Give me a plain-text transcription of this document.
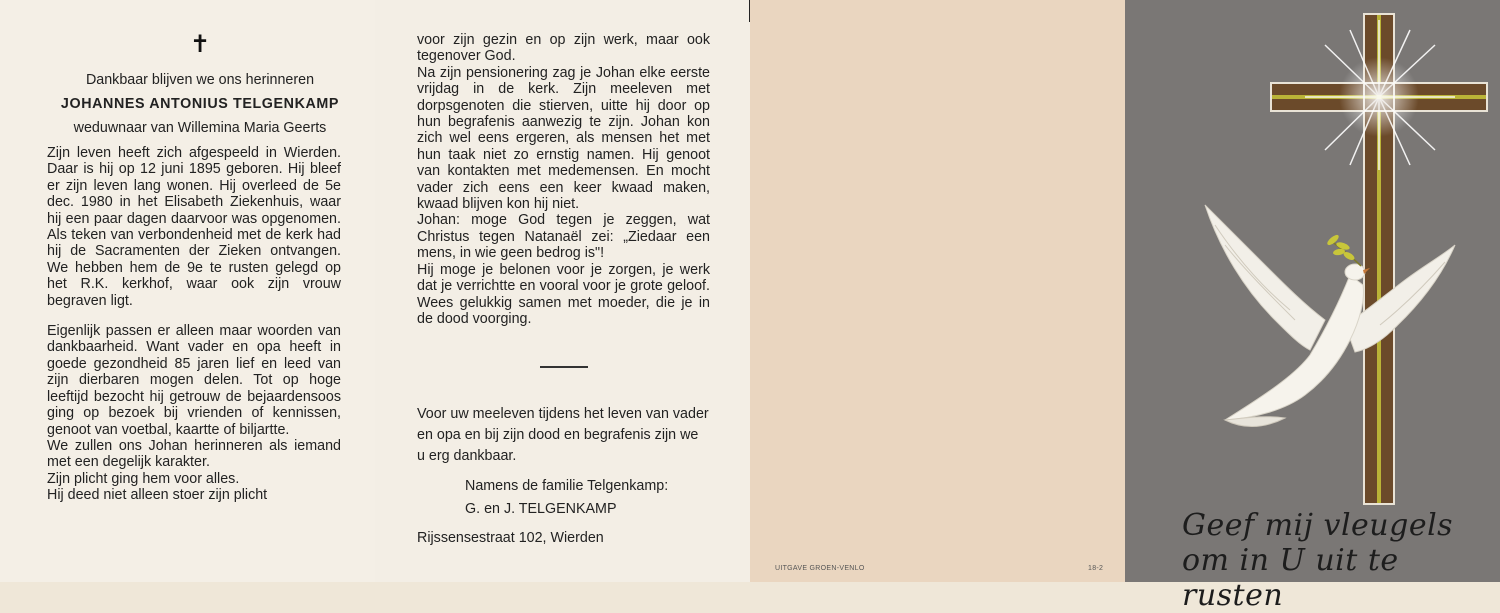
✝
Dankbaar blijven we ons herinneren
JOHANNES ANTONIUS TELGENKAMP
weduwnaar van Willemina Maria Geerts

Zijn leven heeft zich afgespeeld in Wierden. Daar is hij op 12 juni 1895 geboren. Hij bleef er zijn leven lang wonen. Hij overleed de 5e dec. 1980 in het Elisabeth Ziekenhuis, waar hij een paar dagen daarvoor was opgenomen. Als teken van verbondenheid met de kerk had hij de Sacramenten der Zieken ontvangen. We hebben hem de 9e te rusten gelegd op het R.K. kerkhof, waar ook zijn vrouw begraven ligt.

Eigenlijk passen er alleen maar woorden van dankbaarheid. Want vader en opa heeft in goede gezondheid 85 jaren lief en leed van zijn dierbaren mogen delen. Tot op hoge leeftijd bezocht hij getrouw de bejaardensoos ging op bezoek bij vrienden of kennissen, genoot van voetbal, kaartte of biljartte.

We zullen ons Johan herinneren als iemand met een degelijk karakter.

Zijn plicht ging hem voor alles.

Hij deed niet alleen stoer zijn plicht

voor zijn gezin en op zijn werk, maar ook tegenover God.

Na zijn pensionering zag je Johan elke eerste vrijdag in de kerk. Zijn meeleven met dorpsgenoten die stierven, uitte hij door op hun begrafenis aanwezig te zijn. Johan kon zich wel eens ergeren, als mensen het met hun taak niet zo ernstig namen. Hij genoot van kontakten met medemensen. En mocht vader zich eens een keer kwaad maken, kwaad blijven kon hij niet.

Johan: moge God tegen je zeggen, wat Christus tegen Natanaël zei: „Ziedaar een mens, in wie geen bedrog is"!

Hij moge je belonen voor je zorgen, je werk dat je verrichtte en vooral voor je grote geloof. Wees gelukkig samen met moeder, die je in de dood voorging.

Voor uw meeleven tijdens het leven van vader en opa en bij zijn dood en begrafenis zijn we u erg dankbaar.
Namens de familie Telgenkamp:
G. en J. TELGENKAMP
Rijssensestraat 102, Wierden
UITGAVE GROEN-VENLO	18-2
Geef mij vleugels
om in U uit te rusten
